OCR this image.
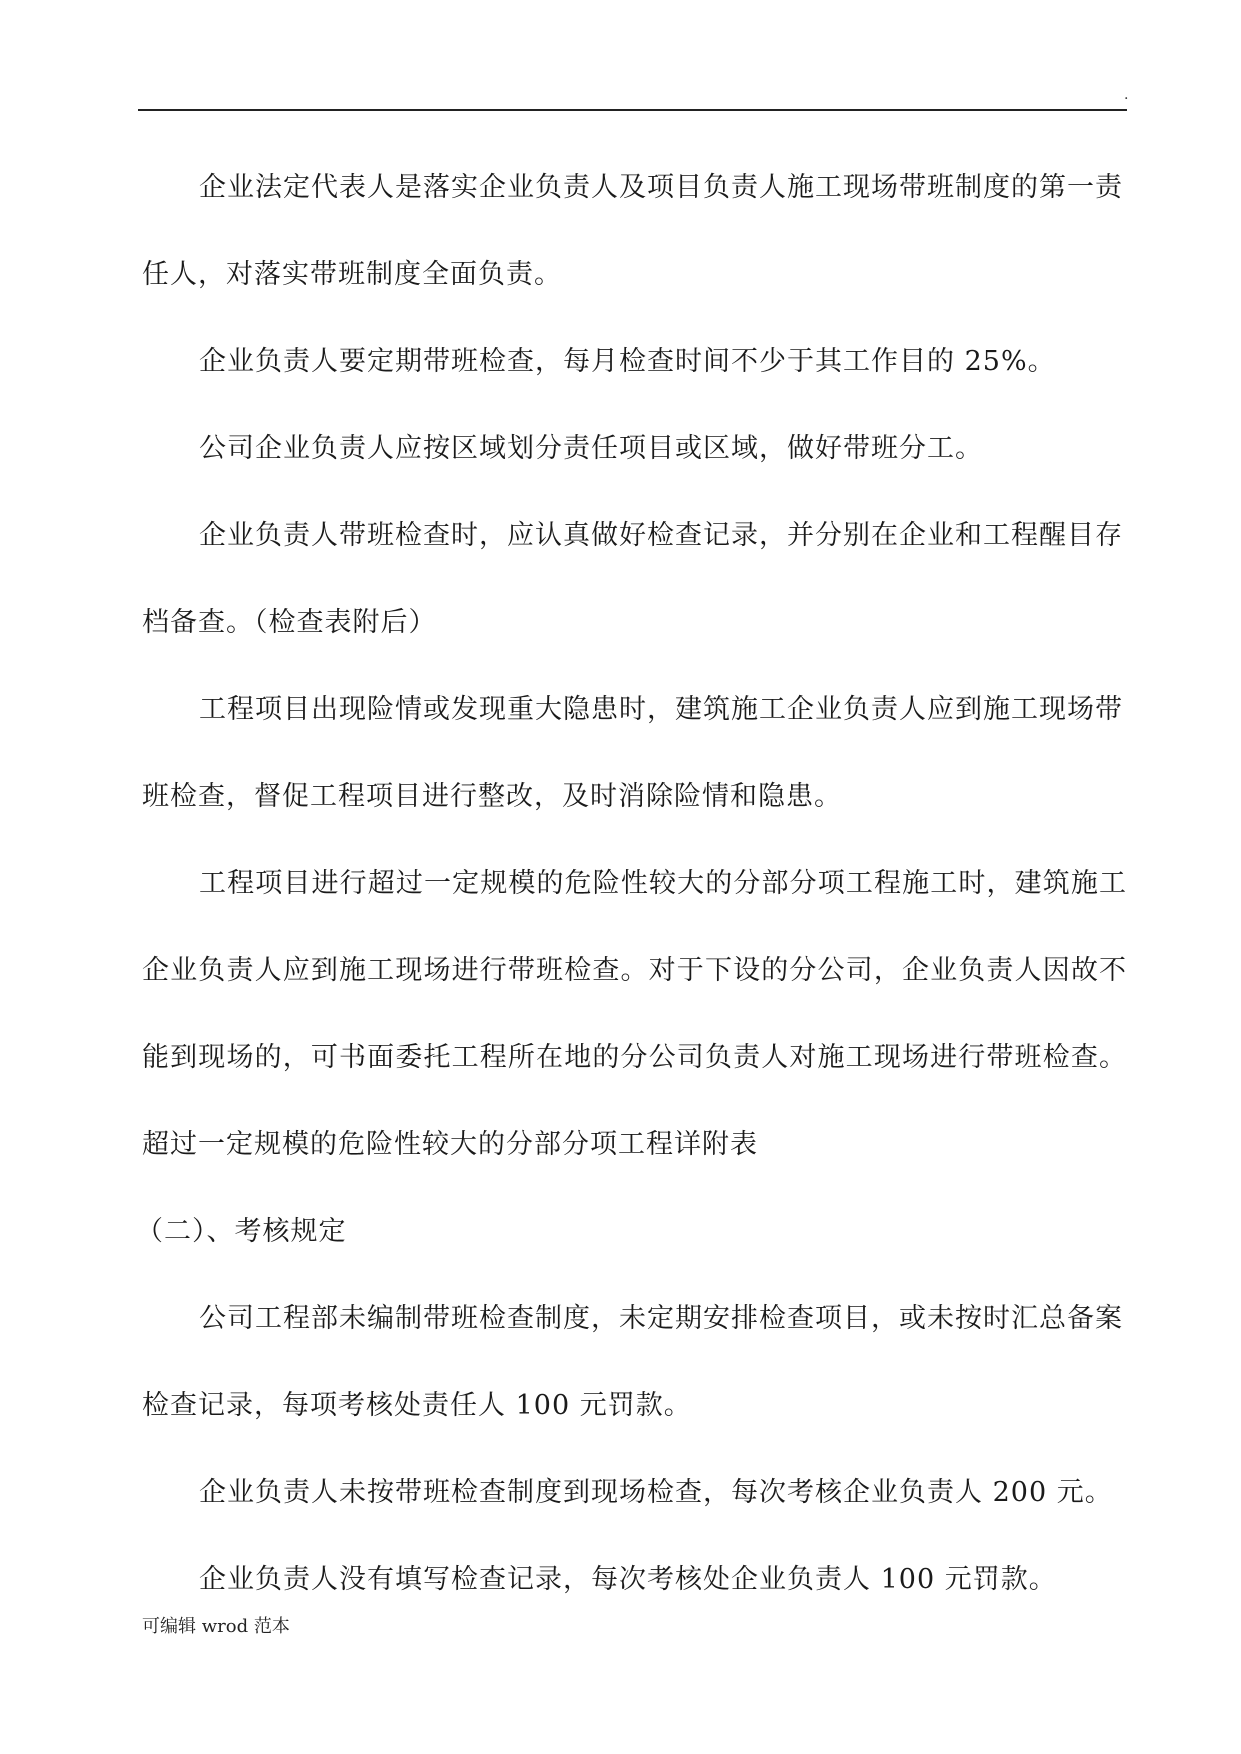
.

企业法定代表人是落实企业负责人及项目负责人施工现场带班制度的第一责任人，对落实带班制度全面负责。

企业负责人要定期带班检查，每月检查时间不少于其工作目的 25%。

公司企业负责人应按区域划分责任项目或区域，做好带班分工。

企业负责人带班检查时，应认真做好检查记录，并分别在企业和工程醒目存档备查。（检查表附后）

工程项目出现险情或发现重大隐患时，建筑施工企业负责人应到施工现场带班检查，督促工程项目进行整改，及时消除险情和隐患。

工程项目进行超过一定规模的危险性较大的分部分项工程施工时，建筑施工企业负责人应到施工现场进行带班检查。对于下设的分公司，企业负责人因故不能到现场的，可书面委托工程所在地的分公司负责人对施工现场进行带班检查。超过一定规模的危险性较大的分部分项工程详附表

（二）、考核规定

公司工程部未编制带班检查制度，未定期安排检查项目，或未按时汇总备案检查记录，每项考核处责任人 100 元罚款。

企业负责人未按带班检查制度到现场检查，每次考核企业负责人 200 元。

企业负责人没有填写检查记录，每次考核处企业负责人 100 元罚款。

可编辑 wrod 范本
